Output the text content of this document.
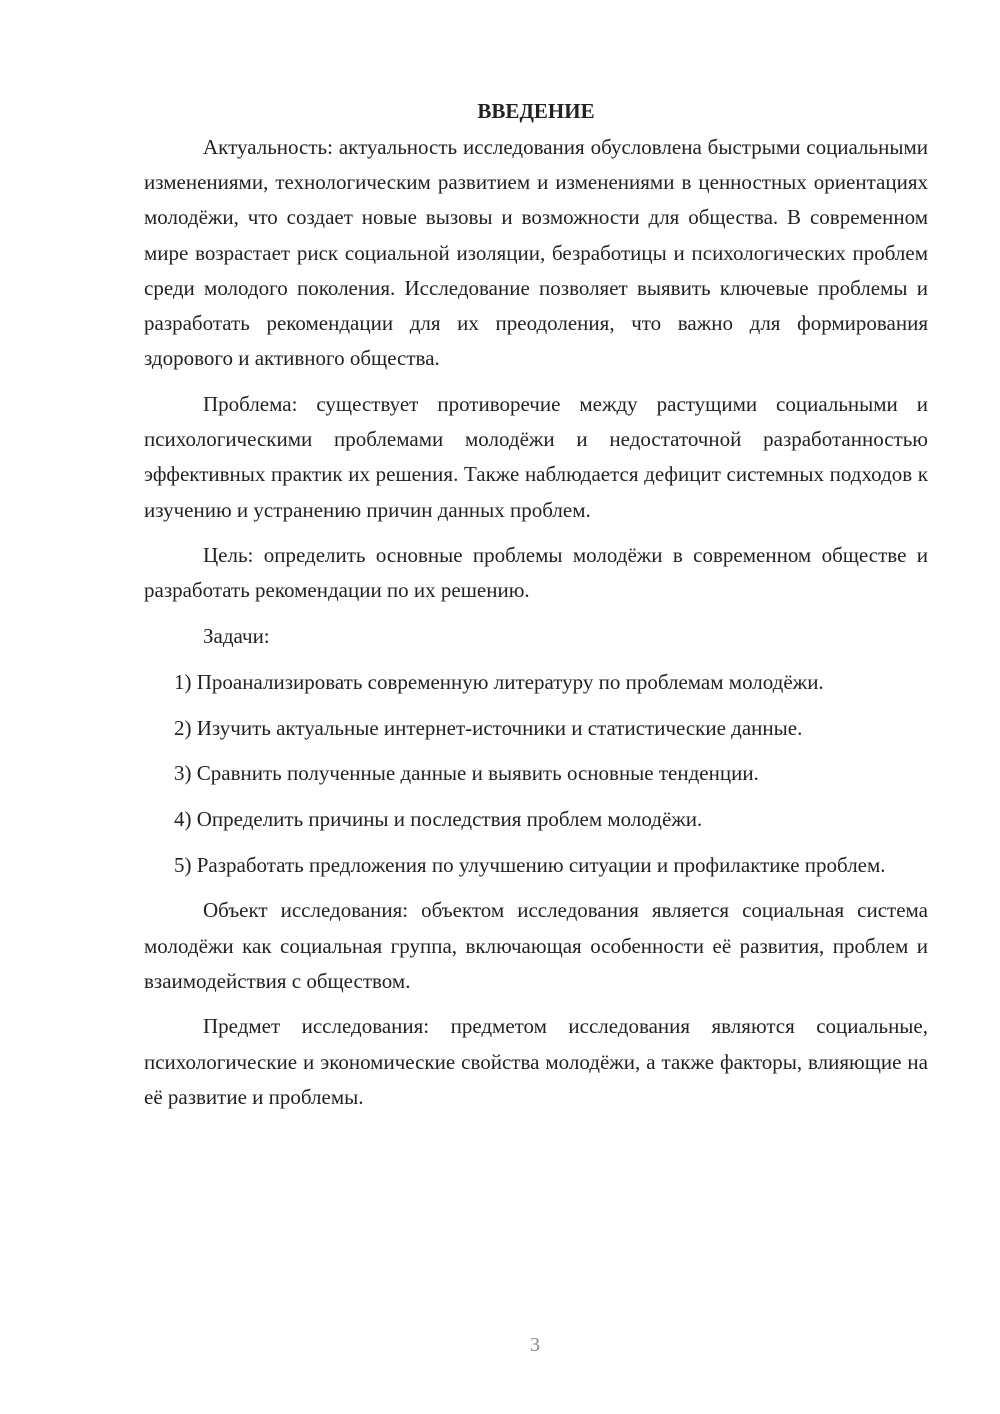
ВВЕДЕНИЕ

Актуальность: актуальность исследования обусловлена быстрыми социальными изменениями, технологическим развитием и изменениями в ценностных ориентациях молодёжи, что создает новые вызовы и возможности для общества. В современном мире возрастает риск социальной изоляции, безработицы и психологических проблем среди молодого поколения. Исследование позволяет выявить ключевые проблемы и разработать рекомендации для их преодоления, что важно для формирования здорового и активного общества.

Проблема: существует противоречие между растущими социальными и психологическими проблемами молодёжи и недостаточной разработанностью эффективных практик их решения. Также наблюдается дефицит системных подходов к изучению и устранению причин данных проблем.

Цель: определить основные проблемы молодёжи в современном обществе и разработать рекомендации по их решению.

Задачи:

1) Проанализировать современную литературу по проблемам молодёжи.

2) Изучить актуальные интернет-источники и статистические данные.

3) Сравнить полученные данные и выявить основные тенденции.

4) Определить причины и последствия проблем молодёжи.

5) Разработать предложения по улучшению ситуации и профилактике проблем.

Объект исследования: объектом исследования является социальная система молодёжи как социальная группа, включающая особенности её развития, проблем и взаимодействия с обществом.

Предмет исследования: предметом исследования являются социальные, психологические и экономические свойства молодёжи, а также факторы, влияющие на её развитие и проблемы.

3
